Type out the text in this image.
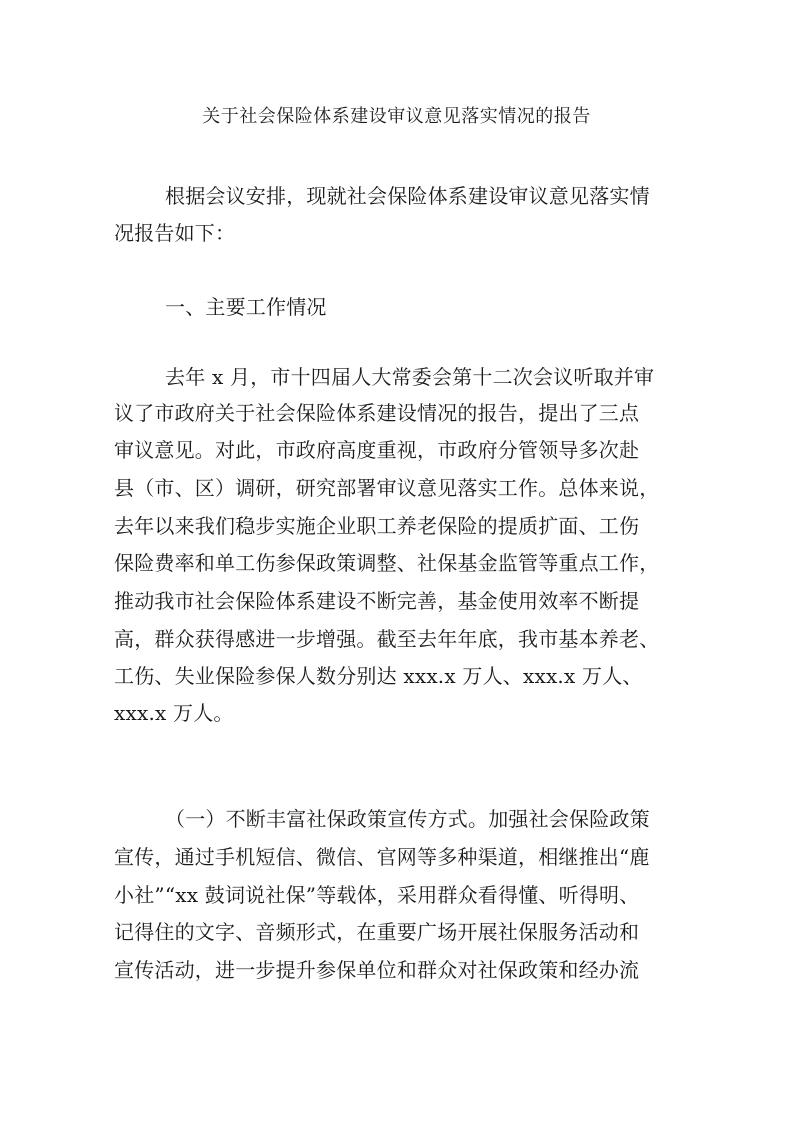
关于社会保险体系建设审议意见落实情况的报告
根据会议安排，现就社会保险体系建设审议意见落实情
况报告如下：
一、主要工作情况
去年 x 月，市十四届人大常委会第十二次会议听取并审
议了市政府关于社会保险体系建设情况的报告，提出了三点
审议意见。对此，市政府高度重视，市政府分管领导多次赴
县（市、区）调研，研究部署审议意见落实工作。总体来说，
去年以来我们稳步实施企业职工养老保险的提质扩面、工伤
保险费率和单工伤参保政策调整、社保基金监管等重点工作，
推动我市社会保险体系建设不断完善，基金使用效率不断提
高，群众获得感进一步增强。截至去年年底，我市基本养老、
工伤、失业保险参保人数分别达 xxx.x 万人、xxx.x 万人、
xxx.x 万人。
（一）不断丰富社保政策宣传方式。加强社会保险政策
宣传，通过手机短信、微信、官网等多种渠道，相继推出“鹿
小社”“xx 鼓词说社保”等载体，采用群众看得懂、听得明、
记得住的文字、音频形式，在重要广场开展社保服务活动和
宣传活动，进一步提升参保单位和群众对社保政策和经办流
